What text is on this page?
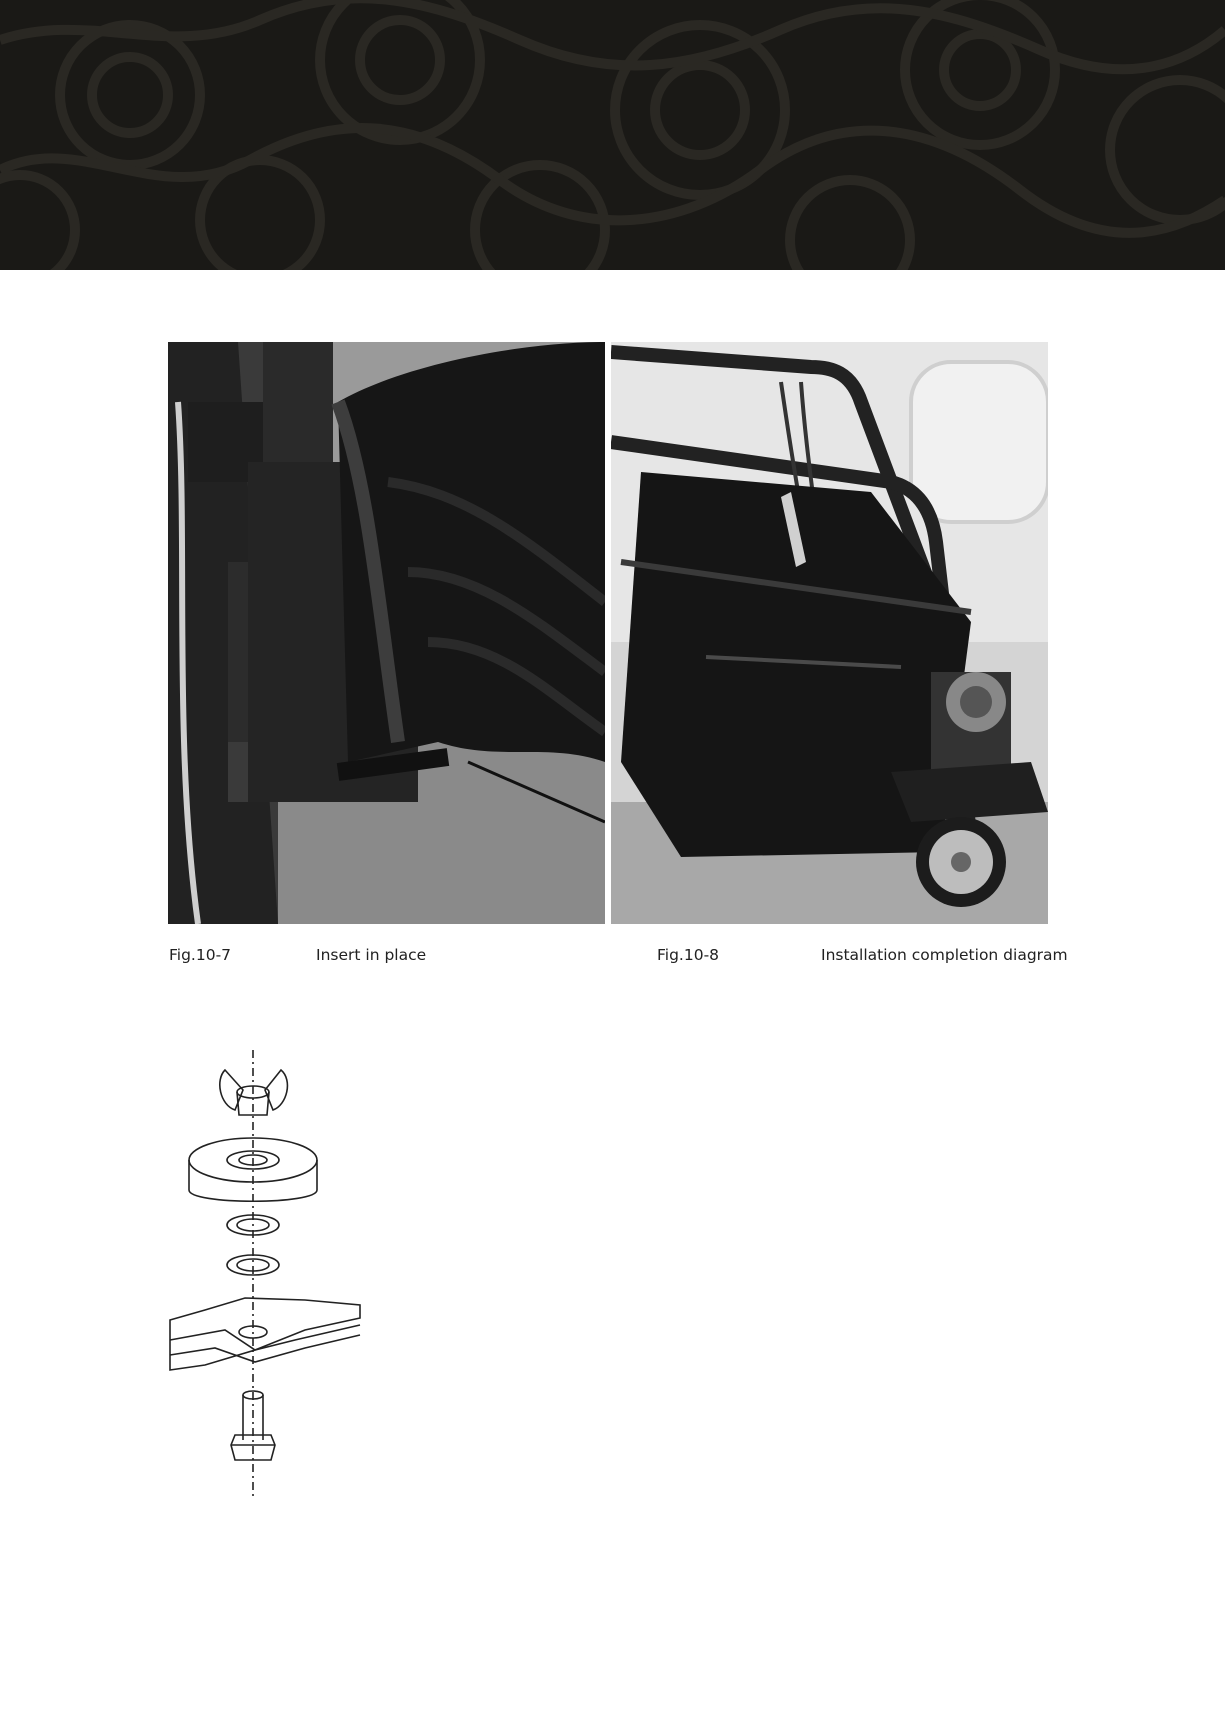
Fig.10-7	Insert in place	Fig.10-8	Installation completion diagram
